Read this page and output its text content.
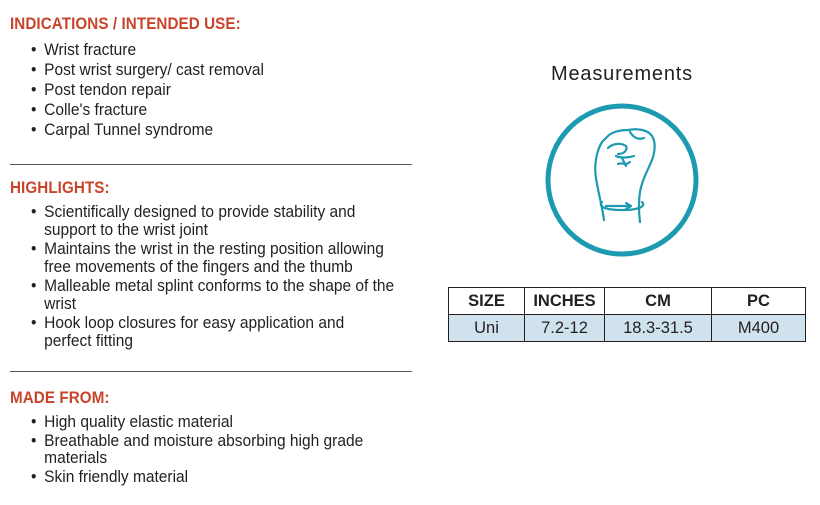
INDICATIONS / INTENDED USE:
• Wrist fracture
• Post wrist surgery/ cast removal
• Post tendon repair
• Colle's fracture
• Carpal Tunnel syndrome
HIGHLIGHTS:
• Scientifically designed to provide stability and
support to the wrist joint
• Maintains the wrist in the resting position allowing
free movements of the fingers and the thumb
• Malleable metal splint conforms to the shape of the
wrist
• Hook loop closures for easy application and
perfect fitting
MADE FROM:
• High quality elastic material
• Breathable and moisture absorbing high grade
materials
• Skin friendly material
Measurements
SIZE	INCHES	CM	PC
Uni	7.2-12	18.3-31.5	M400
